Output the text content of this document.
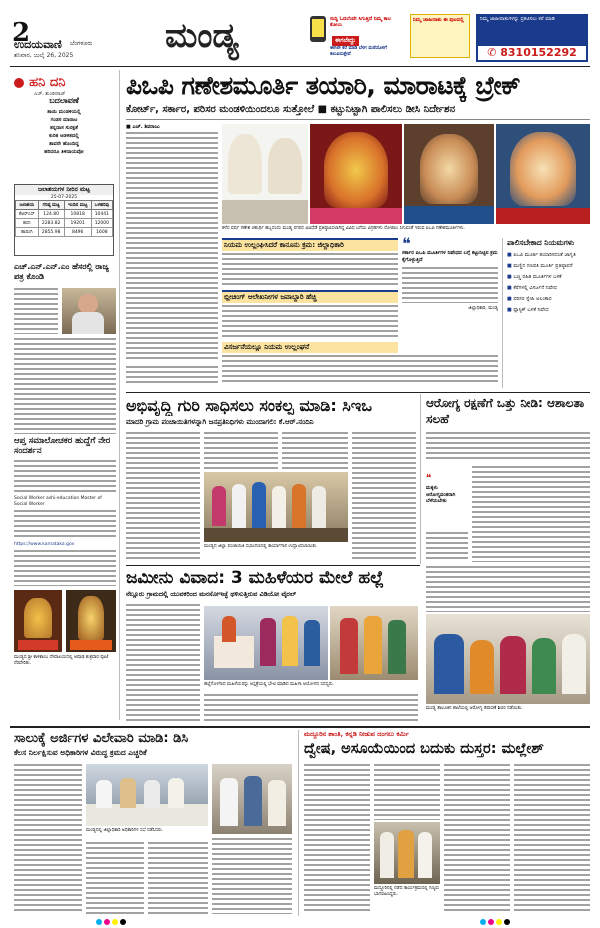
2
ಉದಯವಾಣಿ ಬೆಂಗಳೂರು
ಶನಿವಾರ, ಜುಲೈ 26, 2025	ಮಂಡ್ಯ	ಸುದ್ದಿ ಓದಲೆಂದೇ ಸಿಗುತ್ತಿದೆ ನಿಮ್ಮ ಕಾಲ ಕೋಲು
ಈಗಲೇದ್ದು
ಈಗಲೇ ಕರೆ ಮಾಡಿ ಬೆಳಗ ಮನೆಯೊಳಗೆ ತಲುಪಿಸುತ್ತೇವೆ
ನಿಮ್ಮ ಜಾಹೀರಾತು ಈ ಪುಟದಲ್ಲಿ	ನಿಮ್ಮ ಜಾಹೀರಾತುಗಳನ್ನು ಪ್ರಕಟಿಸಲು ಕರೆ ಮಾಡಿ
✆ 8310152292
ಹನಿ ದನಿ
ಎಚ್. ಶುಂಠೀರಾಜ್
ಬದಲಾವಣೆ
ತಾಯಿ ಮಂಡಳಿಯಲ್ಲಿ
ಗಂಡಸ ಮಾರಾಟ
ತನ್ನದಾಸ ಸುರಕ್ಷತೆ
ಕುರಿತ ಆಡಳಿತದಲ್ಲಿ
ತಾವನೇ ಹೊಂದಿದ್ದ
ಹರಿದರೂ ತಿಳಿದಾಯವೋ
ಜಲಾಶಯಗಳ ನೀರಿನ ಮಟ್ಟ
25-07-2025
ಜಲಾಶಯ	ಗರಿಷ್ಠ ಮಟ್ಟ	ಇಂದಿನ ಮಟ್ಟ	ಒಳಹರಿವು
ಕೆಆರ್‌ಎಸ್	124.80	10818	10441
ಕಬಿನಿ	2283.82	19201	12000
ಹಾರಂಗಿ	2855.98	8496	1608
ಎಚ್.ಎನ್.ಎನ್.ಎಂ ಹೆಸರಲ್ಲಿ ರಾಜ್ಯ ಪತ್ರ ಕೊಂಡಿ
ಆಪ್ತ ಸಮಾಲೋಚಕರ ಹುದ್ದೆಗೆ ನೇರ ಸಂದರ್ಶನ
Social Worker ashi-education Master of Social Worker
https://www.karnataka.gov
ಮಂಡ್ಯದ ಶ್ರೀ ಕಾಳಿಕಾಂಬ ದೇವಾಲಯದಲ್ಲಿ ಆಷಾಢ ಶುಕ್ರವಾರ ಪೂಜೆ ನೆರವೇರಿತು.
ಪಿಒಪಿ ಗಣೇಶಮೂರ್ತಿ ತಯಾರಿ, ಮಾರಾಟಕ್ಕೆ ಬ್ರೇಕ್
ಕೋರ್ಟ್, ಸರ್ಕಾರ, ಪರಿಸರ ಮಂಡಳಿಯಿಂದಲೂ ಸುತ್ತೋಲೆ ■ ಕಟ್ಟುನಿಟ್ಟಾಗಿ ಪಾಲಿಸಲು ಡೀಸಿ ನಿರ್ದೇಶನ
■ ಎಚ್. ಶಿವರಾಜು
ಕಳೆದ ವರ್ಷ ಗಣೇಶ ಚತುರ್ಥಿ ಹಬ್ಬದಂದು ಮಂಡ್ಯ ನಗರದ ವಿವಿಧೆಡೆ ಪ್ರತಿಷ್ಠಾಪಿಸಲಾಗಿದ್ದ ವಿವಿಧ ಬಗೆಯ ವಿಗ್ರಹಗಳು ನೋಡಲು ಸಿಗುವಂತೆ ಇರುವ ಪಿಒಪಿ ಗಣೇಶಮೂರ್ತಿಗಳು.
ನಿಯಮ ಉಲ್ಲಂಘಿಸಿದರೆ ಕಾನೂನು ಕ್ರಮ: ಜಿಲ್ಲಾಧಿಕಾರಿ	❝
ಸರ್ಕಾರ ಪಿಒಪಿ ಮೂರ್ತಿಗಳ ನಿಷೇಧದ ಬಗ್ಗೆ ಕಟ್ಟುನಿಟ್ಟಿನ ಕ್ರಮ ಕೈಗೊಳ್ಳುತ್ತಿದೆ
ಜಿಲ್ಲಾಧಿಕಾರಿ, ಮಂಡ್ಯ
ಬ್ಲೀಚಿಂಗ್ ಆಲೇಖನೀಗಳ ಜವಾಬ್ದಾರಿ ಹೆಚ್ಚಿ
ವಿಸರ್ಜನೆಯಲ್ಲೂ ನಿಯಮ ಉಲ್ಲಂಘನೆ
ಪಾಲಿಸಬೇಕಾದ ನಿಯಮಗಳು
■ ಪಿಒಪಿ ಮೂರ್ತಿ ತಯಾರಿಸದಂತೆ ಜಾಗೃತಿ
■ ಮಣ್ಣಿನ ಗಣಪತಿ ಮೂರ್ತಿ ಪ್ರತಿಷ್ಠಾಪನೆ
■ ಬಣ್ಣ ರಹಿತ ಮೂರ್ತಿಗಳ ಬಳಕೆ
■ ಕೆರೆಗಳಲ್ಲಿ ವಿಸರ್ಜನೆ ನಿಷೇಧ
■ ಪರಿಸರ ಸ್ನೇಹಿ ಅಲಂಕಾರ
■ ಪ್ಲಾಸ್ಟಿಕ್ ಬಳಕೆ ನಿಷೇಧ
ಅಭಿವೃದ್ಧಿ ಗುರಿ ಸಾಧಿಸಲು ಸಂಕಲ್ಪ ಮಾಡಿ: ಸಿಇಒ
ಮಾದರಿ ಗ್ರಾಮ ಪಂಚಾಯಿತಿಗಳನ್ನಾಗಿ ಜನಪ್ರತಿನಿಧಿಗಳು ಮುಂದಾಗಲಿ: ಕೆ.ಆರ್.ನಂದಿನಿ
ಮಂಡ್ಯದ ಜಿಲ್ಲಾ ಪಂಚಾಯಿತಿ ಸಭಾಂಗಣದಲ್ಲಿ ಕಾರ್ಯಾಗಾರ ಉದ್ಘಾಟಿಸಲಾಯಿತು.
ಆರೋಗ್ಯ ರಕ್ಷಣೆಗೆ ಒತ್ತು ನೀಡಿ: ಆಶಾಲತಾ ಸಲಹೆ
❝
ಮಕ್ಕಳು ಆರೋಗ್ಯವಂತರಾಗಿ ಬೆಳೆಯಬೇಕು
ಜಮೀನು ವಿವಾದ: 3 ಮಹಿಳೆಯರ ಮೇಲೆ ಹಲ್ಲೆ
ನೆಲ್ಲೂರು ಗ್ರಾಮದಲ್ಲಿ ಯುವಕರಿಂದ ಮನಸೋಇಚ್ಛೆ ಥಳಿಸುತ್ತಿರುವ ವಿಡಿಯೋ ವೈರಲ್
ಹಲ್ಲೆಗೊಳಗಾದ ಮಹಿಳೆಯರನ್ನು ಆಸ್ಪತ್ರೆಯಲ್ಲಿ ಭೇಟಿ ಮಾಡಿದ ಮಹಿಳಾ ಆಯೋಗದ ಸದಸ್ಯರು.
ಮಂಡ್ಯ ತಾಲೂಕಿನ ಶಾಲೆಯಲ್ಲಿ ಆರೋಗ್ಯ ತಪಾಸಣೆ ಶಿಬಿರ ನಡೆಯಿತು.
ಸಾಲುಕ್ಕೆ ಅರ್ಜಿಗಳ ವಿಲೇವಾರಿ ಮಾಡಿ: ಡಿಸಿ
ಕೆಲಸ ನಿರ್ಲಕ್ಷಿಸುವ ಅಧಿಕಾರಿಗಳ ವಿರುದ್ಧ ಕ್ರಮದ ಎಚ್ಚರಿಕೆ
ಮಂಡ್ಯದಲ್ಲಿ ಜಿಲ್ಲಾಧಿಕಾರಿ ಅಧಿಕಾರಿಗಳ ಸಭೆ ನಡೆಸಿದರು.
ಮದ್ದೂರಿನ ಶಾಂತಿ, ಕನ್ನಡಿ ನೀಡುವ ದಂಗಲು ಕರ್ಮಿ
ದ್ವೇಷ, ಅಸೂಯೆಯಿಂದ ಬದುಕು ದುಸ್ತರ: ಮಲ್ಲೇಶ್
ಮದ್ದೂರಿನಲ್ಲಿ ನಡೆದ ಕಾರ್ಯಕ್ರಮದಲ್ಲಿ ಗಣ್ಯರು ಭಾಗವಹಿಸಿದ್ದರು.
